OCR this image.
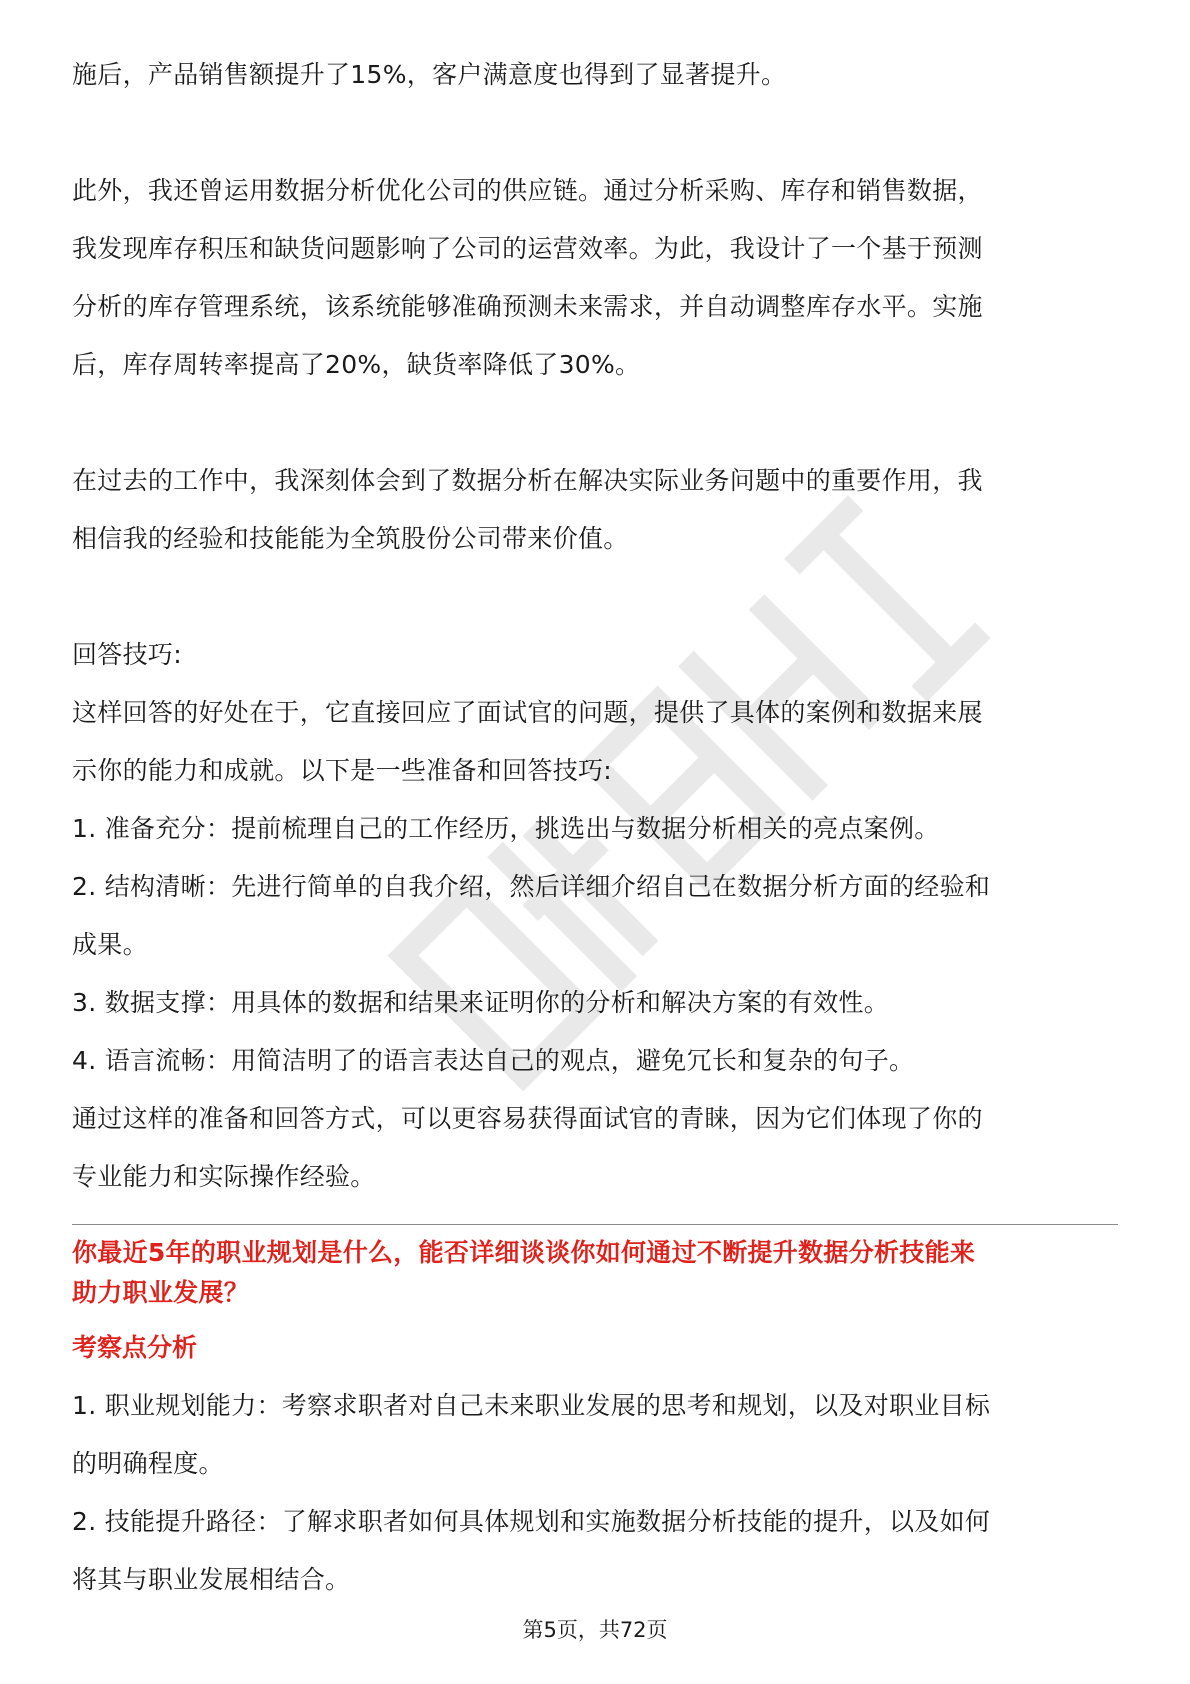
施后，产品销售额提升了15%，客户满意度也得到了显著提升。

此外，我还曾运用数据分析优化公司的供应链。通过分析采购、库存和销售数据，

我发现库存积压和缺货问题影响了公司的运营效率。为此，我设计了一个基于预测

分析的库存管理系统，该系统能够准确预测未来需求，并自动调整库存水平。实施

后，库存周转率提高了20%，缺货率降低了30%。

在过去的工作中，我深刻体会到了数据分析在解决实际业务问题中的重要作用，我

相信我的经验和技能能为全筑股份公司带来价值。

回答技巧:

这样回答的好处在于，它直接回应了面试官的问题，提供了具体的案例和数据来展

示你的能力和成就。以下是一些准备和回答技巧:

1. 准备充分：提前梳理自己的工作经历，挑选出与数据分析相关的亮点案例。

2. 结构清晰：先进行简单的自我介绍，然后详细介绍自己在数据分析方面的经验和

成果。

3. 数据支撑：用具体的数据和结果来证明你的分析和解决方案的有效性。

4. 语言流畅：用简洁明了的语言表达自己的观点，避免冗长和复杂的句子。

通过这样的准备和回答方式，可以更容易获得面试官的青睐，因为它们体现了你的

专业能力和实际操作经验。

你最近5年的职业规划是什么，能否详细谈谈你如何通过不断提升数据分析技能来

助力职业发展？

考察点分析

1. 职业规划能力：考察求职者对自己未来职业发展的思考和规划，以及对职业目标

的明确程度。

2. 技能提升路径：了解求职者如何具体规划和实施数据分析技能的提升，以及如何

将其与职业发展相结合。

第5页，共72页
